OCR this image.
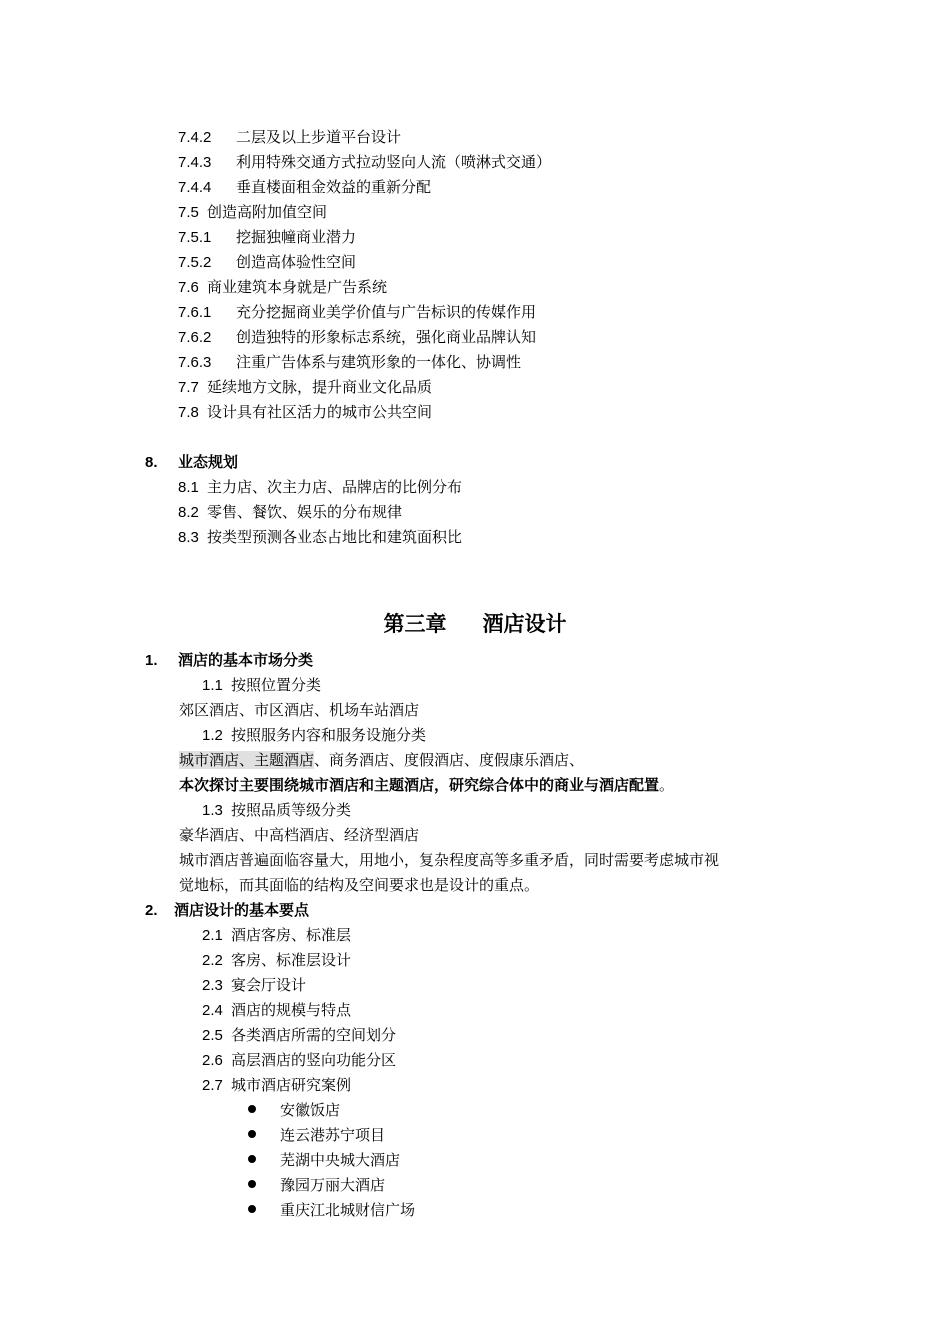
7.4.2 二层及以上步道平台设计
7.4.3 利用特殊交通方式拉动竖向人流（喷淋式交通）
7.4.4 垂直楼面租金效益的重新分配
7.5 创造高附加值空间
7.5.1 挖掘独幢商业潜力
7.5.2 创造高体验性空间
7.6 商业建筑本身就是广告系统
7.6.1 充分挖掘商业美学价值与广告标识的传媒作用
7.6.2 创造独特的形象标志系统，强化商业品牌认知
7.6.3 注重广告体系与建筑形象的一体化、协调性
7.7 延续地方文脉，提升商业文化品质
7.8 设计具有社区活力的城市公共空间
8. 业态规划
8.1 主力店、次主力店、品牌店的比例分布
8.2 零售、餐饮、娱乐的分布规律
8.3 按类型预测各业态占地比和建筑面积比
第三章 酒店设计
1. 酒店的基本市场分类
1.1 按照位置分类
郊区酒店、市区酒店、机场车站酒店
1.2 按照服务内容和服务设施分类
城市酒店、主题酒店、商务酒店、度假酒店、度假康乐酒店、
本次探讨主要围绕城市酒店和主题酒店，研究综合体中的商业与酒店配置。
1.3 按照品质等级分类
豪华酒店、中高档酒店、经济型酒店
城市酒店普遍面临容量大，用地小，复杂程度高等多重矛盾，同时需要考虑城市视
觉地标，而其面临的结构及空间要求也是设计的重点。
2. 酒店设计的基本要点
2.1 酒店客房、标准层
2.2 客房、标准层设计
2.3 宴会厅设计
2.4 酒店的规模与特点
2.5 各类酒店所需的空间划分
2.6 高层酒店的竖向功能分区
2.7 城市酒店研究案例
安徽饭店
连云港苏宁项目
芜湖中央城大酒店
豫园万丽大酒店
重庆江北城财信广场
